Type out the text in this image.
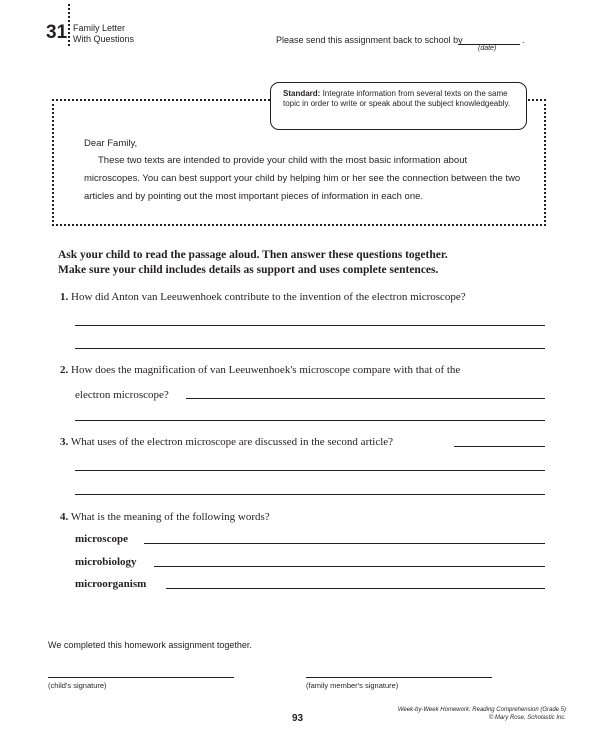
31 Family Letter
With Questions	Please send this assignment back to school by	.
(date)
Standard: Integrate information from several texts on the same topic in order to write or speak about the subject knowledgeably.
Dear Family,
These two texts are intended to provide your child with the most basic information about microscopes. You can best support your child by helping him or her see the connection between the two articles and by pointing out the most important pieces of information in each one.
Ask your child to read the passage aloud. Then answer these questions together.
Make sure your child includes details as support and uses complete sentences.
1. How did Anton van Leeuwenhoek contribute to the invention of the electron microscope?
2. How does the magnification of van Leeuwenhoek's microscope compare with that of the
electron microscope?
3. What uses of the electron microscope are discussed in the second article?
4. What is the meaning of the following words?
microscope
microbiology
microorganism
We completed this homework assignment together.
(child's signature)	(family member's signature)
93
Week-by-Week Homework: Reading Comprehension (Grade 5)
© Mary Rose, Scholastic Inc.
